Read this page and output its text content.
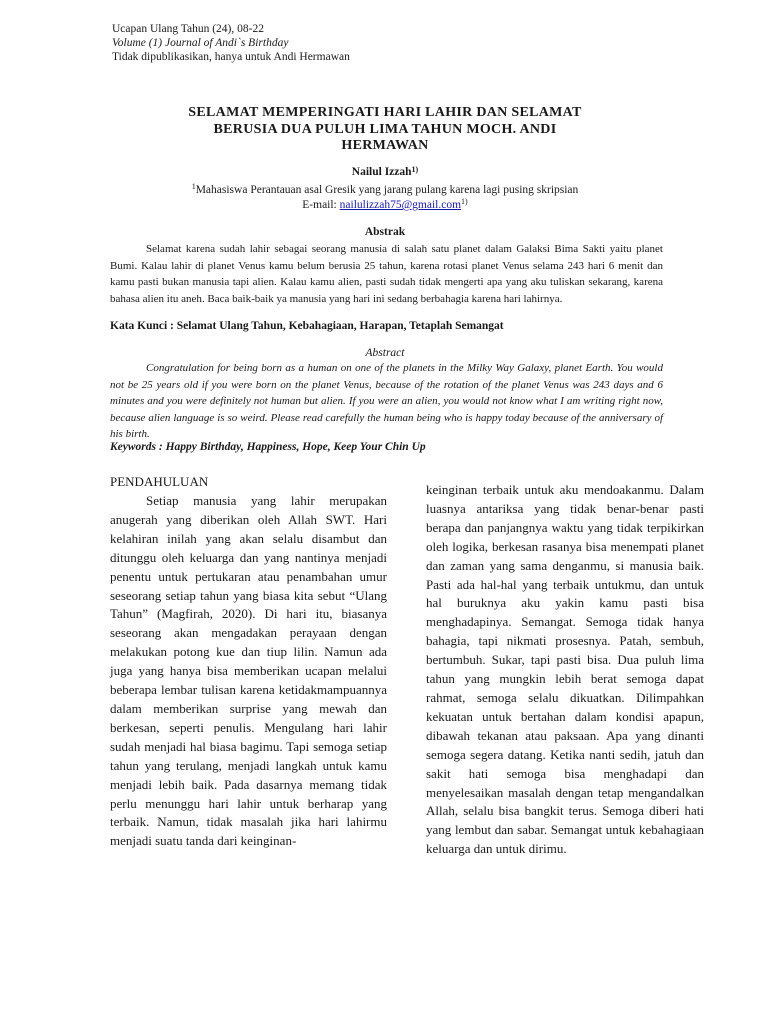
Ucapan Ulang Tahun (24), 08-22
Volume (1) Journal of Andi`s Birthday
Tidak dipublikasikan, hanya untuk Andi Hermawan
SELAMAT MEMPERINGATI HARI LAHIR DAN SELAMAT
BERUSIA DUA PULUH LIMA TAHUN MOCH. ANDI
HERMAWAN
Nailul Izzah$^{1)}$
$^1$Mahasiswa Perantauan asal Gresik yang jarang pulang karena lagi pusing skripsian
E-mail: nailulizzah75@gmail.com$^{1)}$
Abstrak
Selamat karena sudah lahir sebagai seorang manusia di salah satu planet dalam Galaksi Bima Sakti yaitu planet Bumi. Kalau lahir di planet Venus kamu belum berusia 25 tahun, karena rotasi planet Venus selama 243 hari 6 menit dan kamu pasti bukan manusia tapi alien. Kalau kamu alien, pasti sudah tidak mengerti apa yang aku tuliskan sekarang, karena bahasa alien itu aneh. Baca baik-baik ya manusia yang hari ini sedang berbahagia karena hari lahirnya.
Kata Kunci : Selamat Ulang Tahun, Kebahagiaan, Harapan, Tetaplah Semangat
Abstract
Congratulation for being born as a human on one of the planets in the Milky Way Galaxy, planet Earth. You would not be 25 years old if you were born on the planet Venus, because of the rotation of the planet Venus was 243 days and 6 minutes and you were definitely not human but alien. If you were an alien, you would not know what I am writing right now, because alien language is so weird. Please read carefully the human being who is happy today because of the anniversary of his birth.
Keywords : Happy Birthday, Happiness, Hope, Keep Your Chin Up
PENDAHULUAN
Setiap manusia yang lahir merupakan anugerah yang diberikan oleh Allah SWT. Hari kelahiran inilah yang akan selalu disambut dan ditunggu oleh keluarga dan yang nantinya menjadi penentu untuk pertukaran atau penambahan umur seseorang setiap tahun yang biasa kita sebut “Ulang Tahun” (Magfirah, 2020). Di hari itu, biasanya seseorang akan mengadakan perayaan dengan melakukan potong kue dan tiup lilin. Namun ada juga yang hanya bisa memberikan ucapan melalui beberapa lembar tulisan karena ketidakmampuannya dalam memberikan surprise yang mewah dan berkesan, seperti penulis. Mengulang hari lahir sudah menjadi hal biasa bagimu. Tapi semoga setiap tahun yang terulang, menjadi langkah untuk kamu menjadi lebih baik. Pada dasarnya memang tidak perlu menunggu hari lahir untuk berharap yang terbaik. Namun, tidak masalah jika hari lahirmu menjadi suatu tanda dari keinginan-
keinginan terbaik untuk aku mendoakanmu. Dalam luasnya antariksa yang tidak benar-benar pasti berapa dan panjangnya waktu yang tidak terpikirkan oleh logika, berkesan rasanya bisa menempati planet dan zaman yang sama denganmu, si manusia baik. Pasti ada hal-hal yang terbaik untukmu, dan untuk hal buruknya aku yakin kamu pasti bisa menghadapinya. Semangat. Semoga tidak hanya bahagia, tapi nikmati prosesnya. Patah, sembuh, bertumbuh. Sukar, tapi pasti bisa. Dua puluh lima tahun yang mungkin lebih berat semoga dapat rahmat, semoga selalu dikuatkan. Dilimpahkan kekuatan untuk bertahan dalam kondisi apapun, dibawah tekanan atau paksaan. Apa yang dinanti semoga segera datang. Ketika nanti sedih, jatuh dan sakit hati semoga bisa menghadapi dan menyelesaikan masalah dengan tetap mengandalkan Allah, selalu bisa bangkit terus. Semoga diberi hati yang lembut dan sabar. Semangat untuk kebahagiaan keluarga dan untuk dirimu.
